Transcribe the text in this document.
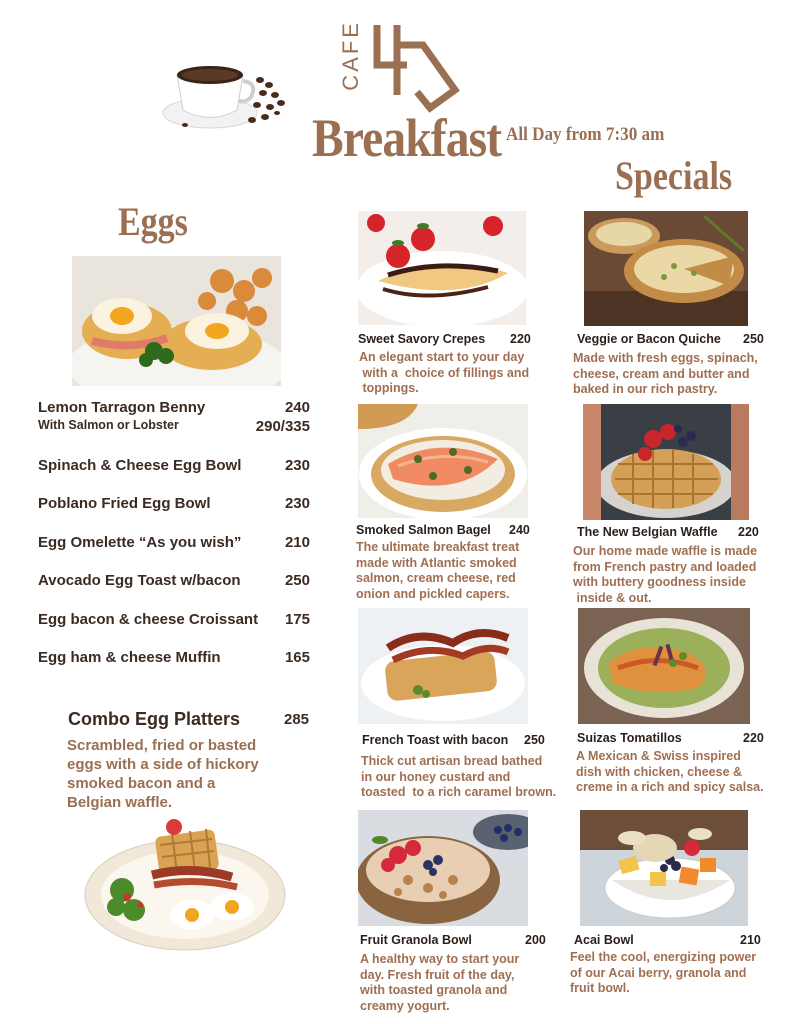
CAFE
Breakfast All Day from 7:30 am
Specials
Eggs
Lemon Tarragon Benny	240
With Salmon or Lobster	290/335
Spinach & Cheese Egg Bowl	230
Poblano Fried Egg Bowl	230
Egg Omelette “As you wish”	210
Avocado Egg Toast w/bacon	250
Egg bacon & cheese Croissant 175
Egg ham & cheese Muffin	165
Combo Egg Platters	285
Scrambled, fried or basted
eggs with a side of hickory
smoked bacon and a
Belgian waffle.
Sweet Savory Crepes 220
An elegant start to your day
with a  choice of fillings and
toppings.
Veggie or Bacon Quiche 250
Made with fresh eggs, spinach,
cheese, cream and butter and
baked in our rich pastry.
Smoked Salmon Bagel 240
The ultimate breakfast treat
made with Atlantic smoked
salmon, cream cheese, red
onion and pickled capers.
The New Belgian Waffle 220
Our home made waffle is made
from French pastry and loaded
with buttery goodness inside
inside & out.
French Toast with bacon 250
Thick cut artisan bread bathed
in our honey custard and
toasted  to a rich caramel brown.
Suizas Tomatillos	220
A Mexican & Swiss inspired
dish with chicken, cheese &
creme in a rich and spicy salsa.
Fruit Granola Bowl	200
A healthy way to start your
day. Fresh fruit of the day,
with toasted granola and
creamy yogurt.
Acai Bowl	210
Feel the cool, energizing power
of our Acai berry, granola and
fruit bowl.
